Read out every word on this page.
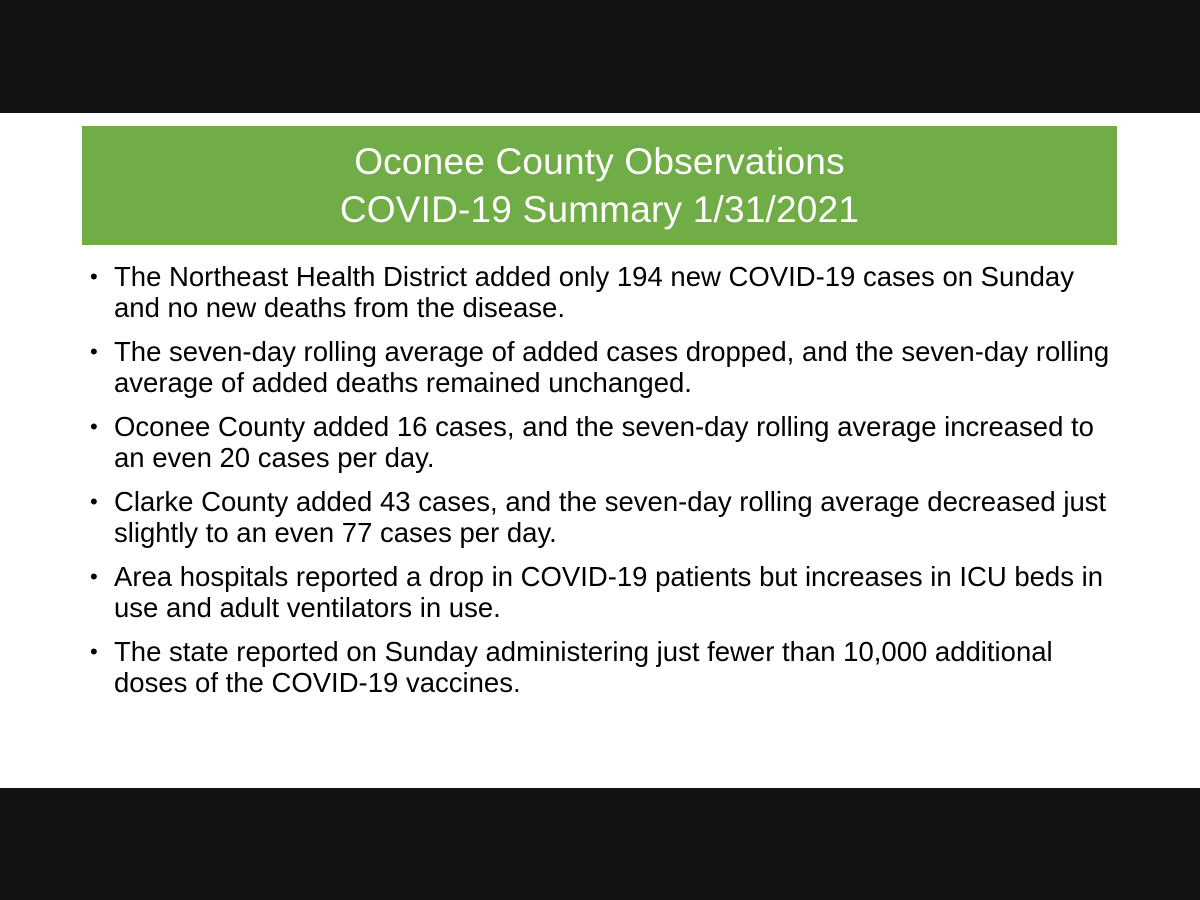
Oconee County Observations
COVID-19 Summary 1/31/2021
• The Northeast Health District added only 194 new COVID-19 cases on Sunday and no new deaths from the disease.
• The seven-day rolling average of added cases dropped, and the seven-day rolling average of added deaths remained unchanged.
• Oconee County added 16 cases, and the seven-day rolling average increased to an even 20 cases per day.
• Clarke County added 43 cases, and the seven-day rolling average decreased just slightly to an even 77 cases per day.
• Area hospitals reported a drop in COVID-19 patients but increases in ICU beds in use and adult ventilators in use.
• The state reported on Sunday administering just fewer than 10,000 additional doses of the COVID-19 vaccines.
